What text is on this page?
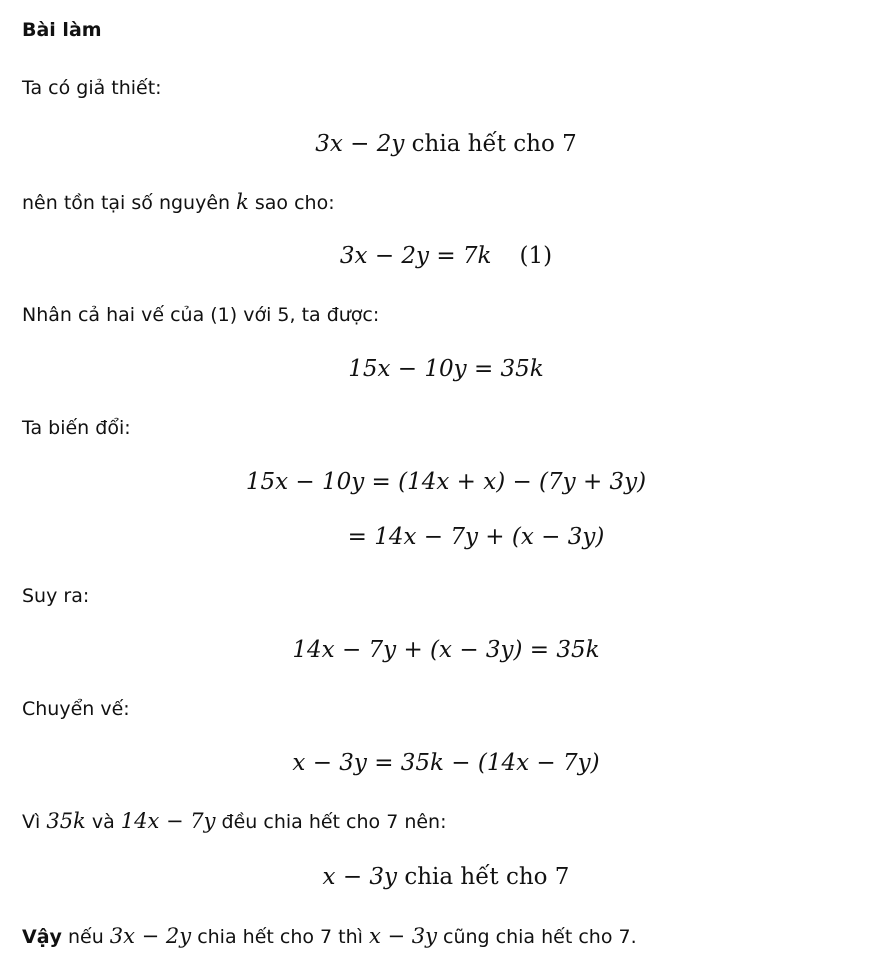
Bài làm

Ta có giả thiết:

3x − 2y chia hết cho 7

nên tồn tại số nguyên k sao cho:

3x − 2y = 7k (1)

Nhân cả hai vế của (1) với 5, ta được:

15x − 10y = 35k

Ta biến đổi:

15x − 10y = (14x + x) − (7y + 3y)

= 14x − 7y + (x − 3y)

Suy ra:

14x − 7y + (x − 3y) = 35k

Chuyển vế:

x − 3y = 35k − (14x − 7y)

Vì 35k và 14x − 7y đều chia hết cho 7 nên:

x − 3y chia hết cho 7

Vậy nếu 3x − 2y chia hết cho 7 thì x − 3y cũng chia hết cho 7.
